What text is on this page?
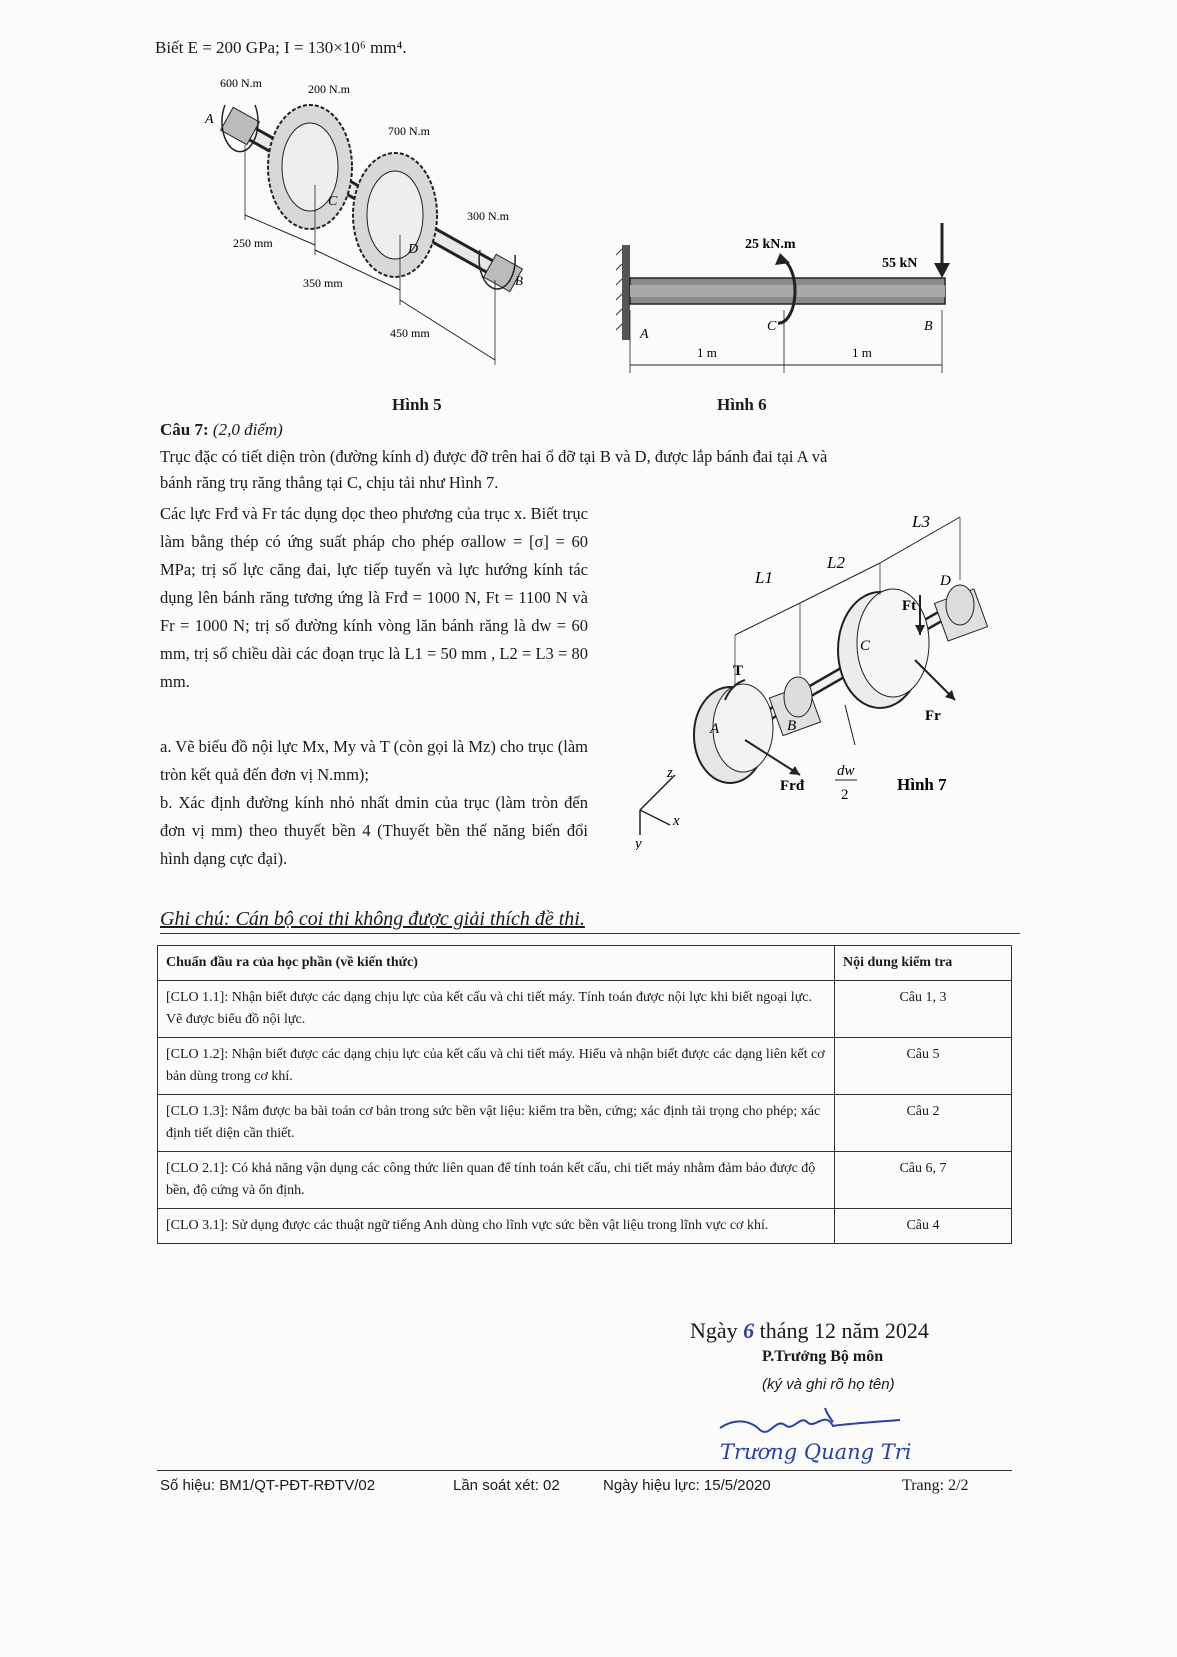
Biết E = 200 GPa; I = 130×10⁶ mm⁴.
600 N.m	200 N.m
700 N.m
300 N.m
A
B
C
D
250 mm
350 mm
450 mm
Hình 5
25 kN.m
55 kN
A
C	B
1 m	1 m
Hình 6
Câu 7: (2,0 điểm)
Trục đặc có tiết diện tròn (đường kính d) được đỡ trên hai ổ đỡ tại B và D, được lắp bánh đai tại A và
bánh răng trụ răng thẳng tại C, chịu tải như Hình 7.
Các lực Frđ và Fr tác dụng dọc theo phương của trục x. Biết trục làm bằng thép có ứng suất pháp cho phép σallow = [σ] = 60 MPa; trị số lực căng đai, lực tiếp tuyến và lực hướng kính tác dụng lên bánh răng tương ứng là Frđ = 1000 N, Ft = 1100 N và Fr = 1000 N; trị số đường kính vòng lăn bánh răng là dw = 60 mm, trị số chiều dài các đoạn trục là L1 = 50 mm , L2 = L3 = 80 mm.
a. Vẽ biểu đồ nội lực Mx, My và T (còn gọi là Mz) cho trục (làm tròn kết quả đến đơn vị N.mm);
b. Xác định đường kính nhỏ nhất dmin của trục (làm tròn đến đơn vị mm) theo thuyết bền 4 (Thuyết bền thế năng biến đổi hình dạng cực đại).
L1
L2
L3
A	B
C
D
Ft
Fr
Frđ
T
dw
2
z
x
y
Hình 7
Ghi chú: Cán bộ coi thi không được giải thích đề thi.
Chuẩn đầu ra của học phần (về kiến thức)	Nội dung kiểm tra
[CLO 1.1]: Nhận biết được các dạng chịu lực của kết cấu và chi tiết máy. Tính toán được nội lực khi biết ngoại lực. Vẽ được biểu đồ nội lực.	Câu 1, 3
[CLO 1.2]: Nhận biết được các dạng chịu lực của kết cấu và chi tiết máy. Hiểu và nhận biết được các dạng liên kết cơ bản dùng trong cơ khí.	Câu 5
[CLO 1.3]: Nắm được ba bài toán cơ bản trong sức bền vật liệu: kiểm tra bền, cứng; xác định tải trọng cho phép; xác định tiết diện cần thiết.	Câu 2
[CLO 2.1]: Có khả năng vận dụng các công thức liên quan để tính toán kết cấu, chi tiết máy nhằm đảm bảo được độ bền, độ cứng và ổn định.	Câu 6, 7
[CLO 3.1]: Sử dụng được các thuật ngữ tiếng Anh dùng cho lĩnh vực sức bền vật liệu trong lĩnh vực cơ khí.	Câu 4
Ngày 6 tháng 12 năm 2024
P.Trưởng Bộ môn
(ký và ghi rõ họ tên)
Trương Quang Tri
Số hiệu: BM1/QT-PĐT-RĐTV/02	Lần soát xét: 02	Ngày hiệu lực: 15/5/2020	Trang: 2/2
